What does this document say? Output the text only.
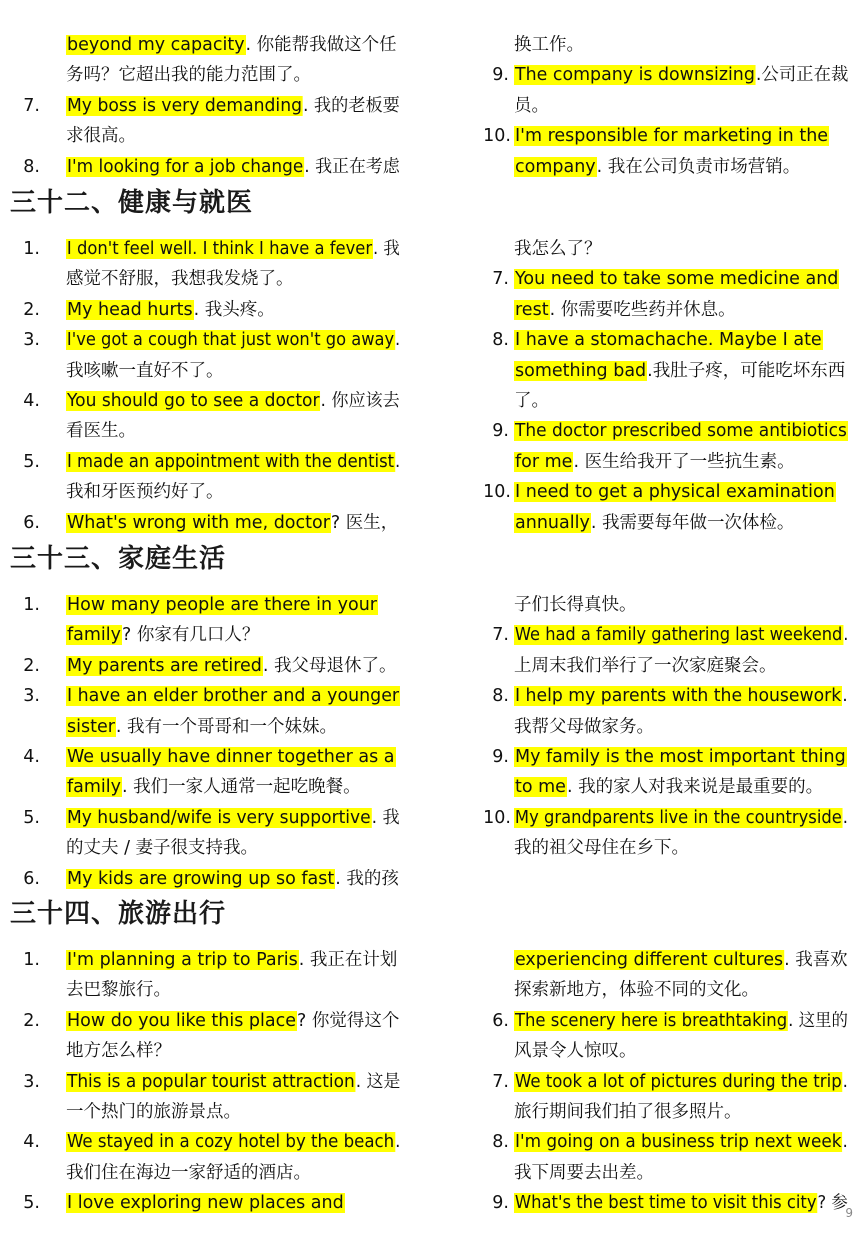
beyond my capacity. 你能帮我做这个任
务吗？它超出我的能力范围了。
7. My boss is very demanding. 我的老板要
求很高。
8. I'm looking for a job change. 我正在考虑
换工作。
9. The company is downsizing.公司正在裁
员。
10. I'm responsible for marketing in the
company. 我在公司负责市场营销。
三十二、健康与就医
1. I don't feel well. I think I have a fever. 我
感觉不舒服，我想我发烧了。
2. My head hurts. 我头疼。
3. I've got a cough that just won't go away.
我咳嗽一直好不了。
4. You should go to see a doctor. 你应该去
看医生。
5. I made an appointment with the dentist.
我和牙医预约好了。
6. What's wrong with me, doctor? 医生，
我怎么了？
7. You need to take some medicine and
rest. 你需要吃些药并休息。
8. I have a stomachache. Maybe I ate
something bad.我肚子疼，可能吃坏东西
了。
9. The doctor prescribed some antibiotics
for me. 医生给我开了一些抗生素。
10. I need to get a physical examination
annually. 我需要每年做一次体检。
三十三、家庭生活
1. How many people are there in your
family? 你家有几口人？
2. My parents are retired. 我父母退休了。
3. I have an elder brother and a younger
sister. 我有一个哥哥和一个妹妹。
4. We usually have dinner together as a
family. 我们一家人通常一起吃晚餐。
5. My husband/wife is very supportive. 我
的丈夫 / 妻子很支持我。
6. My kids are growing up so fast. 我的孩
子们长得真快。
7. We had a family gathering last weekend.
上周末我们举行了一次家庭聚会。
8. I help my parents with the housework.
我帮父母做家务。
9. My family is the most important thing
to me. 我的家人对我来说是最重要的。
10. My grandparents live in the countryside.
我的祖父母住在乡下。
三十四、旅游出行
1. I'm planning a trip to Paris. 我正在计划
去巴黎旅行。
2. How do you like this place? 你觉得这个
地方怎么样？
3. This is a popular tourist attraction. 这是
一个热门的旅游景点。
4. We stayed in a cozy hotel by the beach.
我们住在海边一家舒适的酒店。
5. I love exploring new places and
experiencing different cultures. 我喜欢
探索新地方，体验不同的文化。
6. The scenery here is breathtaking. 这里的
风景令人惊叹。
7. We took a lot of pictures during the trip.
旅行期间我们拍了很多照片。
8. I'm going on a business trip next week.
我下周要去出差。
9. What's the best time to visit this city? 参
9
